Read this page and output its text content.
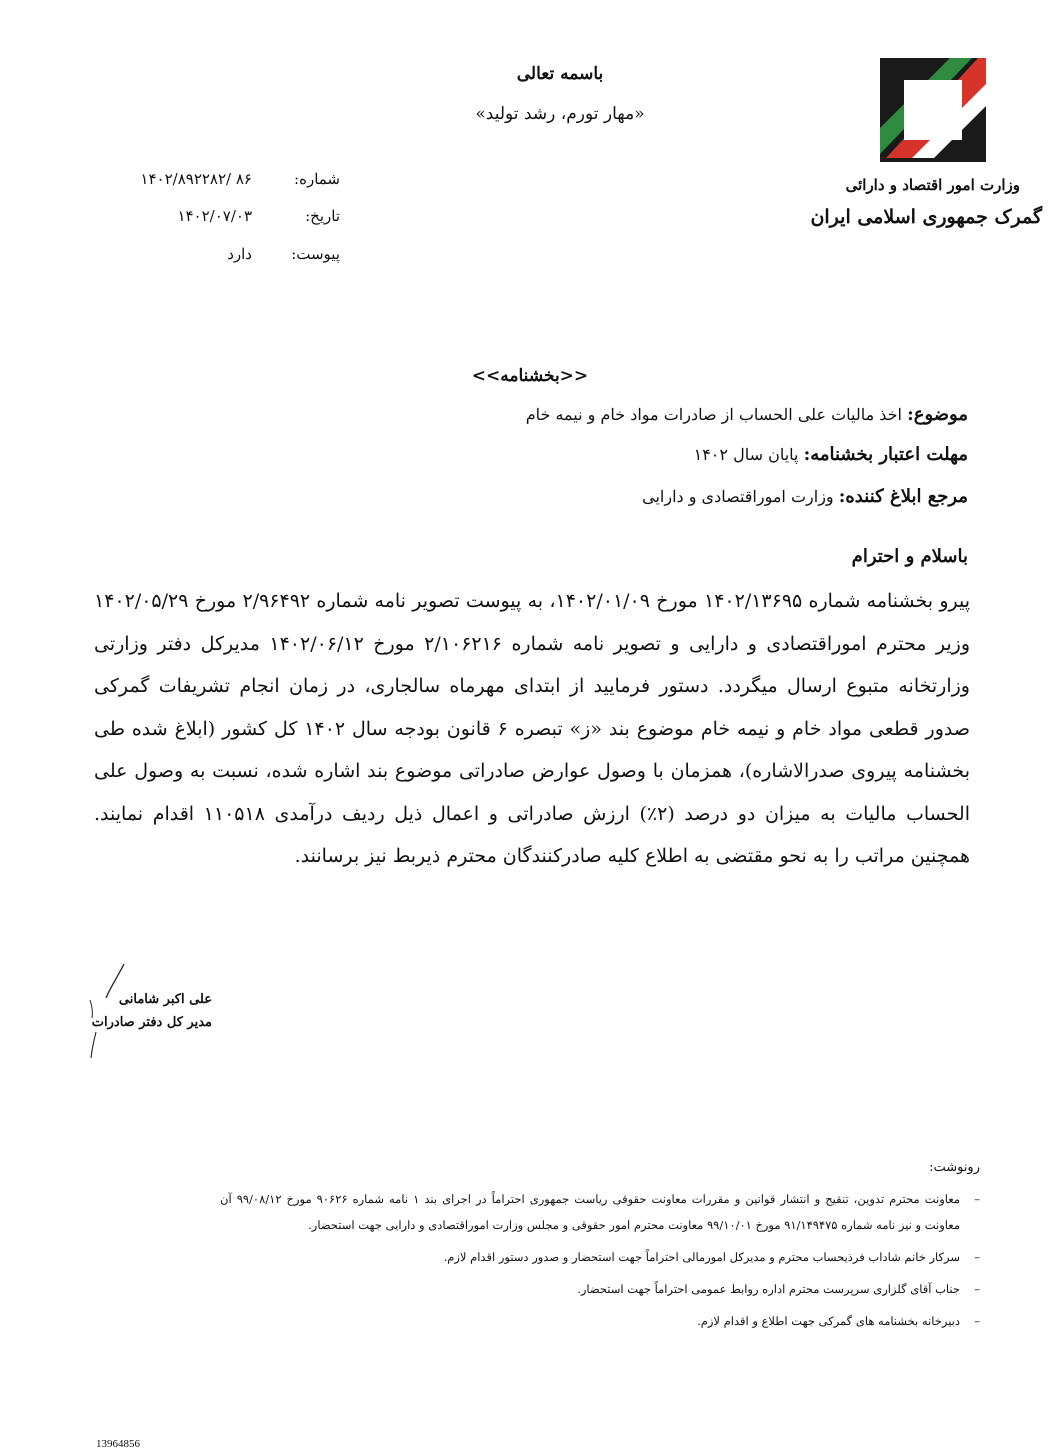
باسمه تعالی
«مهار تورم، رشد تولید»
وزارت امور اقتصاد و دارائی
گمرک جمهوری اسلامی ایران
شماره:
۸۶ /۱۴۰۲/۸۹۲۲۸۲
تاریخ:
۱۴۰۲/۰۷/۰۳
پیوست:
دارد
<<بخشنامه>>
موضوع: اخذ مالیات علی الحساب از صادرات مواد خام و نیمه خام
مهلت اعتبار بخشنامه: پایان سال ۱۴۰۲
مرجع ابلاغ کننده: وزارت اموراقتصادی و دارایی
باسلام و احترام
پیرو بخشنامه شماره ۱۴۰۲/۱۳۶۹۵ مورخ ۱۴۰۲/۰۱/۰۹، به پیوست تصویر نامه شماره ۲/۹۶۴۹۲ مورخ ۱۴۰۲/۰۵/۲۹ وزیر محترم اموراقتصادی و دارایی و تصویر نامه شماره ۲/۱۰۶۲۱۶ مورخ ۱۴۰۲/۰۶/۱۲ مدیرکل دفتر وزارتی وزارتخانه متبوع ارسال میگردد. دستور فرمایید از ابتدای مهرماه سالجاری، در زمان انجام تشریفات گمرکی صدور قطعی مواد خام و نیمه خام موضوع بند «ز» تبصره ۶ قانون بودجه سال ۱۴۰۲ کل کشور (ابلاغ شده طی بخشنامه پیروی صدرالاشاره)، همزمان با وصول عوارض صادراتی موضوع بند اشاره شده، نسبت به وصول علی الحساب مالیات به میزان دو درصد (۲٪) ارزش صادراتی و اعمال ذیل ردیف درآمدی ۱۱۰۵۱۸ اقدام نمایند. همچنین مراتب را به نحو مقتضی به اطلاع کلیه صادرکنندگان محترم ذیربط نیز برسانند.
علی اکبر شامانی
مدیر کل دفتر صادرات
رونوشت:
– معاونت محترم تدوین، تنقیح و انتشار قوانین و مقررات معاونت حقوقی ریاست جمهوری احتراماً در اجرای بند ۱ نامه شماره ۹۰۶۲۶ مورخ ۹۹/۰۸/۱۲ آن معاونت و نیز نامه شماره ۹۱/۱۴۹۴۷۵ مورخ ۹۹/۱۰/۰۱ معاونت محترم امور حقوقی و مجلس وزارت اموراقتصادی و دارایی جهت استحضار.
– سرکار خانم شاداب فرذیحساب محترم و مدیرکل امورمالی احتراماً جهت استحضار و صدور دستور اقدام لازم.
– جناب آقای گلزاری سرپرست محترم اداره روابط عمومی احتراماً جهت استحضار.
– دبیرخانه بخشنامه های گمرکی جهت اطلاع و اقدام لازم.
13964856
